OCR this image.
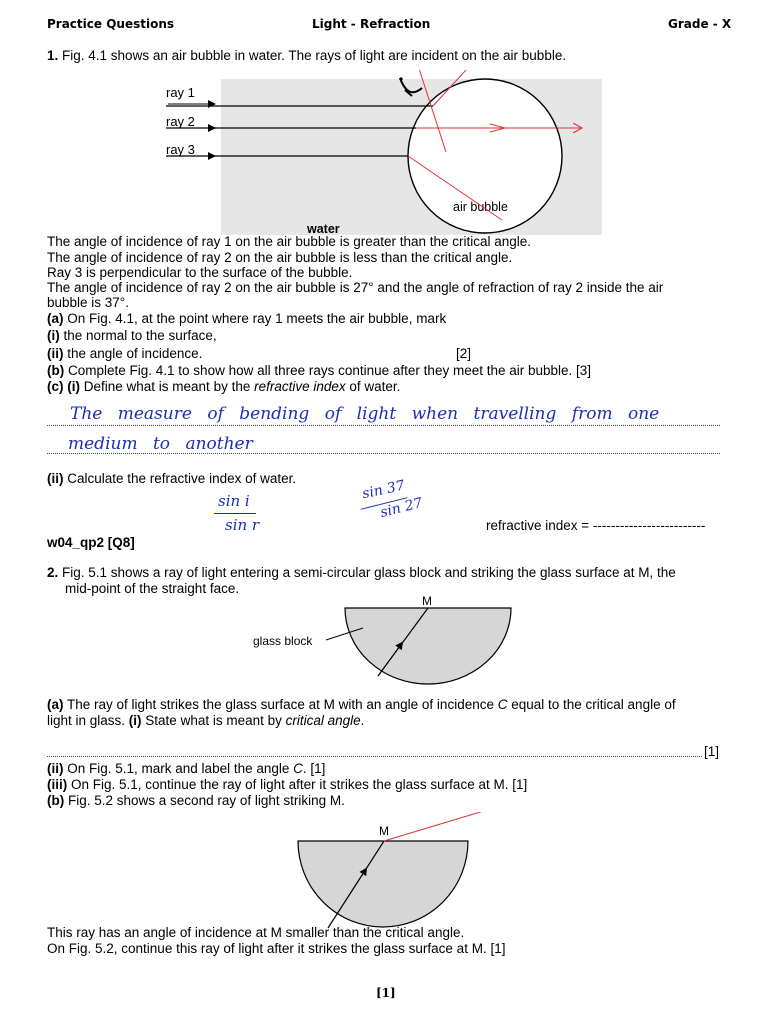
Practice Questions	Light - Refraction	Grade - X
1. Fig. 4.1 shows an air bubble in water. The rays of light are incident on the air bubble.
ray 1
ray 2
ray 3
water
air bubble
The angle of incidence of ray 1 on the air bubble is greater than the critical angle.
The angle of incidence of ray 2 on the air bubble is less than the critical angle.
Ray 3 is perpendicular to the surface of the bubble.
The angle of incidence of ray 2 on the air bubble is 27° and the angle of refraction of ray 2 inside the air
bubble is 37°.
(a) On Fig. 4.1, at the point where ray 1 meets the air bubble, mark
(i) the normal to the surface,
(ii) the angle of incidence.	[2]
(b) Complete Fig. 4.1 to show how all three rays continue after they meet the air bubble. [3]
(c) (i) Define what is meant by the refractive index of water.
The measure of bending of light when travelling from one
medium to another
(ii) Calculate the refractive index of water.
sin i
sin r
sin 37
sin 27
refractive index = -------------------------
w04_qp2 [Q8]
2. Fig. 5.1 shows a ray of light entering a semi-circular glass block and striking the glass surface at M, the
mid-point of the straight face.
M
glass block
(a) The ray of light strikes the glass surface at M with an angle of incidence C equal to the critical angle of
light in glass. (i) State what is meant by critical angle.
[1]
(ii) On Fig. 5.1, mark and label the angle C. [1]
(iii) On Fig. 5.1, continue the ray of light after it strikes the glass surface at M. [1]
(b) Fig. 5.2 shows a second ray of light striking M.
M
This ray has an angle of incidence at M smaller than the critical angle.
On Fig. 5.2, continue this ray of light after it strikes the glass surface at M. [1]
[1]
